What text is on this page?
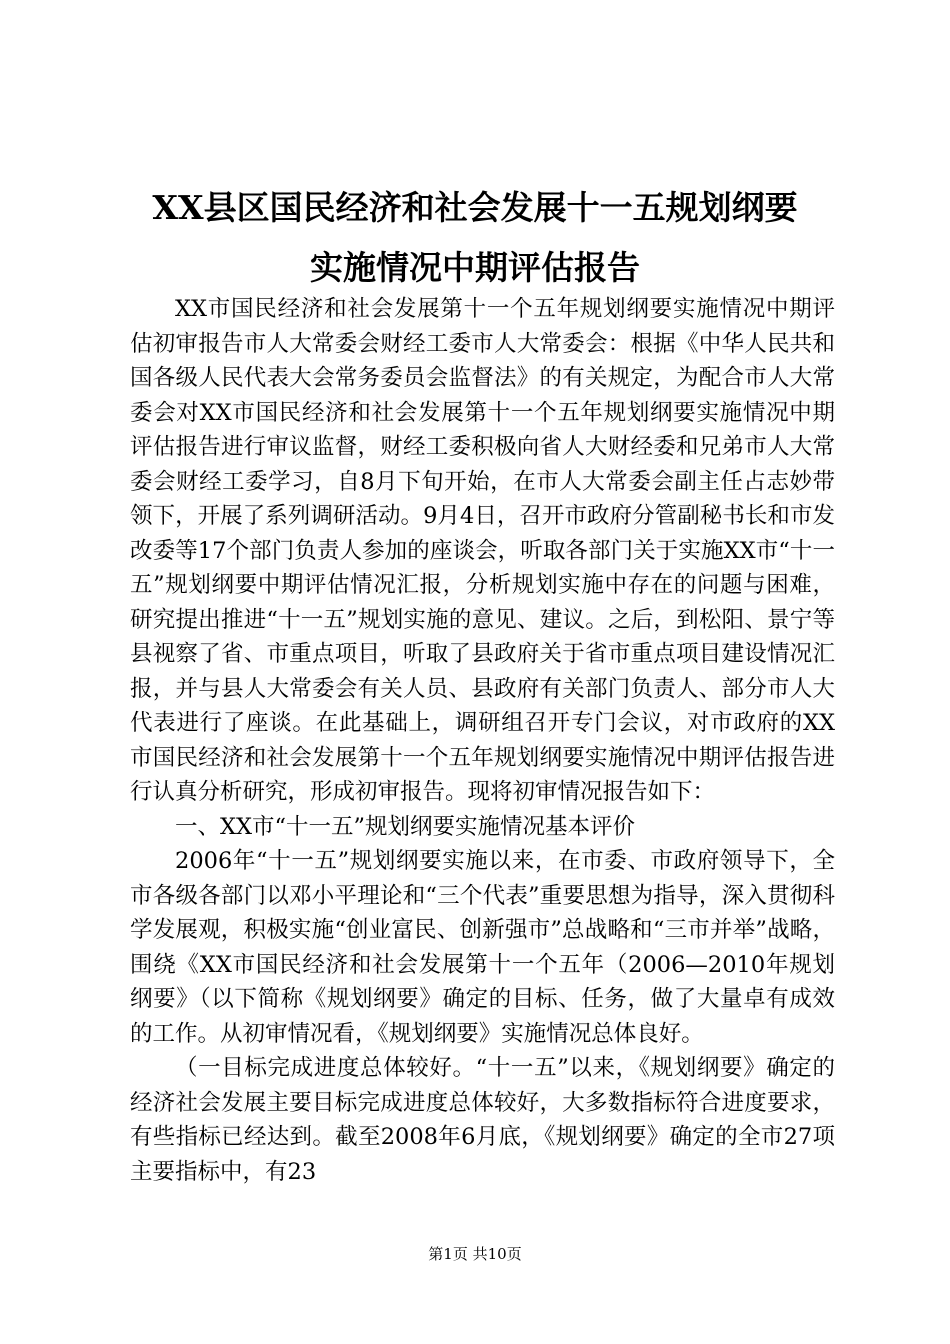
XX县区国民经济和社会发展十一五规划纲要
实施情况中期评估报告

XX市国民经济和社会发展第十一个五年规划纲要实施情况中期评估初审报告市人大常委会财经工委市人大常委会：根据《中华人民共和国各级人民代表大会常务委员会监督法》的有关规定，为配合市人大常委会对XX市国民经济和社会发展第十一个五年规划纲要实施情况中期评估报告进行审议监督，财经工委积极向省人大财经委和兄弟市人大常委会财经工委学习，自8月下旬开始，在市人大常委会副主任占志妙带领下，开展了系列调研活动。9月4日，召开市政府分管副秘书长和市发改委等17个部门负责人参加的座谈会，听取各部门关于实施XX市“十一五”规划纲要中期评估情况汇报，分析规划实施中存在的问题与困难，研究提出推进“十一五”规划实施的意见、建议。之后，到松阳、景宁等县视察了省、市重点项目，听取了县政府关于省市重点项目建设情况汇报，并与县人大常委会有关人员、县政府有关部门负责人、部分市人大代表进行了座谈。在此基础上，调研组召开专门会议，对市政府的XX市国民经济和社会发展第十一个五年规划纲要实施情况中期评估报告进行认真分析研究，形成初审报告。现将初审情况报告如下：

一、XX市“十一五”规划纲要实施情况基本评价

2006年“十一五”规划纲要实施以来，在市委、市政府领导下，全市各级各部门以邓小平理论和“三个代表”重要思想为指导，深入贯彻科学发展观，积极实施“创业富民、创新强市”总战略和“三市并举”战略，围绕《XX市国民经济和社会发展第十一个五年（2006—2010年规划纲要》（以下简称《规划纲要》确定的目标、任务，做了大量卓有成效的工作。从初审情况看，《规划纲要》实施情况总体良好。

（一目标完成进度总体较好。“十一五”以来，《规划纲要》确定的经济社会发展主要目标完成进度总体较好，大多数指标符合进度要求，有些指标已经达到。截至2008年6月底，《规划纲要》确定的全市27项主要指标中，有23

第1页 共10页
